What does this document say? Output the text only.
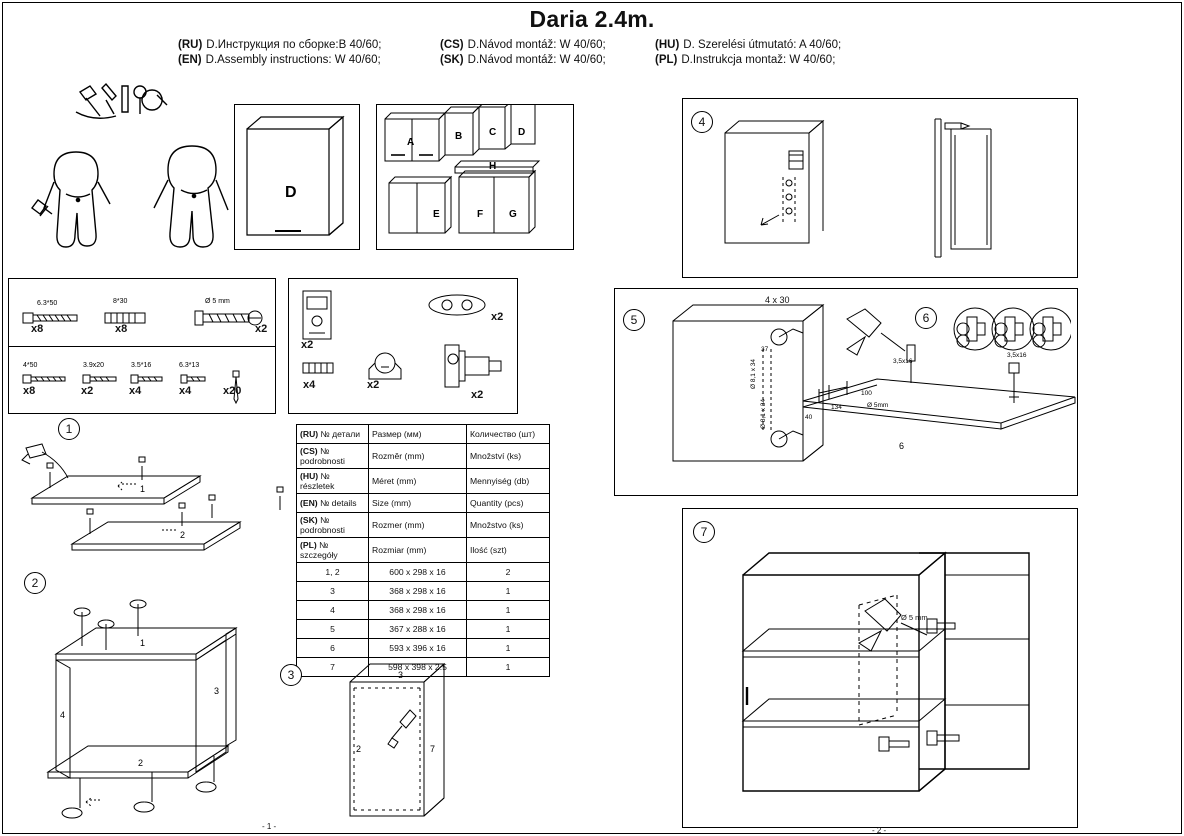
Daria 2.4m.
(RU) D.Инструкция по сборке:B 40/60;	(CS) D.Návod montáž: W 40/60;	(HU) D. Szerelési útmutató: A 40/60;
(EN) D.Assembly instructions: W 40/60;	(SK) D.Návod montáž: W 40/60;	(PL) D.Instrukcja montaž: W 40/60;
D
A
B	C D
E	F	G
H
6.3*50	8*30	Ø 5 mm
4*50	3.9x20	3.5*16	6.3*13
x8	x8	x2
x8	x2	x4	x4	x20
x2
x2
x4	x2
x2
(RU) № детали	Размер (мм)	Количество (шт)
(CS) № podrobnosti	Rozměr (mm)	Množství (ks)
(HU) № részletek	Méret (mm)	Mennyiség (db)
(EN) № details	Size (mm)	Quantity (pcs)
(SK) № podrobnosti	Rozmer (mm)	Množstvo (ks)
(PL) № szczegóły	Rozmiar (mm)	Ilość (szt)
1, 2	600 x 298 x 16	2
3	368 x 298 x 16	1
4	368 x 298 x 16	1
5	367 x 288 x 16	1
6	593 x 396 x 16	1
7	598 x 398 x 2.5	1
1
1
2
2
1
3
4
2
3	3
2	7
4
4 x 30
37
Ø 8,1 x 34
Ø 8,1 x 34	40
134
100
Ø 5mm
3,5x16
3,5x16
6
5	6
7
Ø 5 mm
- 1 -	- 2 -
